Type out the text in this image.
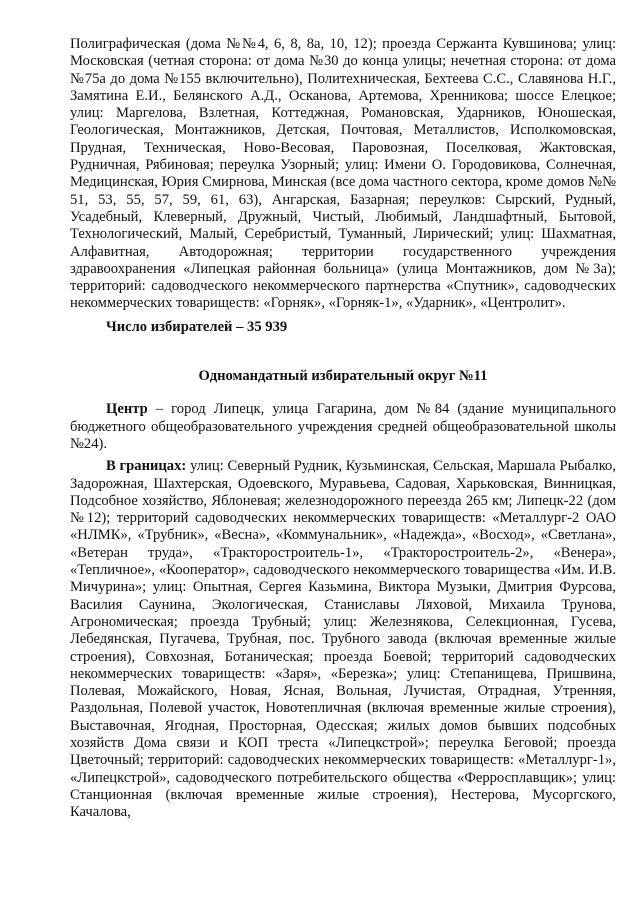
Полиграфическая (дома №№4, 6, 8, 8а, 10, 12); проезда Сержанта Кувшинова; улиц: Московская (четная сторона: от дома №30 до конца улицы; нечетная сторона: от дома №75а до дома №155 включительно), Политехническая, Бехтеева С.С., Славянова Н.Г., Замятина Е.И., Белянского А.Д., Осканова, Артемова, Хренникова; шоссе Елецкое; улиц: Маргелова, Взлетная, Коттеджная, Романовская, Ударников, Юношеская, Геологическая, Монтажников, Детская, Почтовая, Металлистов, Исполкомовская, Прудная, Техническая, Ново-Весовая, Паровозная, Поселковая, Жактовская, Рудничная, Рябиновая; переулка Узорный; улиц: Имени О. Городовикова, Солнечная, Медицинская, Юрия Смирнова, Минская (все дома частного сектора, кроме домов №№ 51, 53, 55, 57, 59, 61, 63), Ангарская, Базарная; переулков: Сырский, Рудный, Усадебный, Клеверный, Дружный, Чистый, Любимый, Ландшафтный, Бытовой, Технологический, Малый, Серебристый, Туманный, Лирический; улиц: Шахматная, Алфавитная, Автодорожная; территории государственного учреждения здравоохранения «Липецкая районная больница» (улица Монтажников, дом №3а); территорий: садоводческого некоммерческого партнерства «Спутник», садоводческих некоммерческих товариществ: «Горняк», «Горняк-1», «Ударник», «Центролит».

Число избирателей – 35 939

Одномандатный избирательный округ №11

Центр – город Липецк, улица Гагарина, дом №84 (здание муниципального бюджетного общеобразовательного учреждения средней общеобразовательной школы №24).

В границах: улиц: Северный Рудник, Кузьминская, Сельская, Маршала Рыбалко, Задорожная, Шахтерская, Одоевского, Муравьева, Садовая, Харьковская, Винницкая, Подсобное хозяйство, Яблоневая; железнодорожного переезда 265 км; Липецк-22 (дом №12); территорий садоводческих некоммерческих товариществ: «Металлург-2 ОАО «НЛМК», «Трубник», «Весна», «Коммунальник», «Надежда», «Восход», «Светлана», «Ветеран труда», «Тракторостроитель-1», «Тракторостроитель-2», «Венера», «Тепличное», «Кооператор», садоводческого некоммерческого товарищества «Им. И.В. Мичурина»; улиц: Опытная, Сергея Казьмина, Виктора Музыки, Дмитрия Фурсова, Василия Саунина, Экологическая, Станиславы Ляховой, Михаила Трунова, Агрономическая; проезда Трубный; улиц: Железнякова, Селекционная, Гусева, Лебедянская, Пугачева, Трубная, пос. Трубного завода (включая временные жилые строения), Совхозная, Ботаническая; проезда Боевой; территорий садоводческих некоммерческих товариществ: «Заря», «Березка»; улиц: Степанищева, Пришвина, Полевая, Можайского, Новая, Ясная, Вольная, Лучистая, Отрадная, Утренняя, Раздольная, Полевой участок, Новотепличная (включая временные жилые строения), Выставочная, Ягодная, Просторная, Одесская; жилых домов бывших подсобных хозяйств Дома связи и КОП треста «Липецкстрой»; переулка Беговой; проезда Цветочный; территорий: садоводческих некоммерческих товариществ: «Металлург-1», «Липецкстрой», садоводческого потребительского общества «Ферросплавщик»; улиц: Станционная (включая временные жилые строения), Нестерова, Мусоргского, Качалова,
